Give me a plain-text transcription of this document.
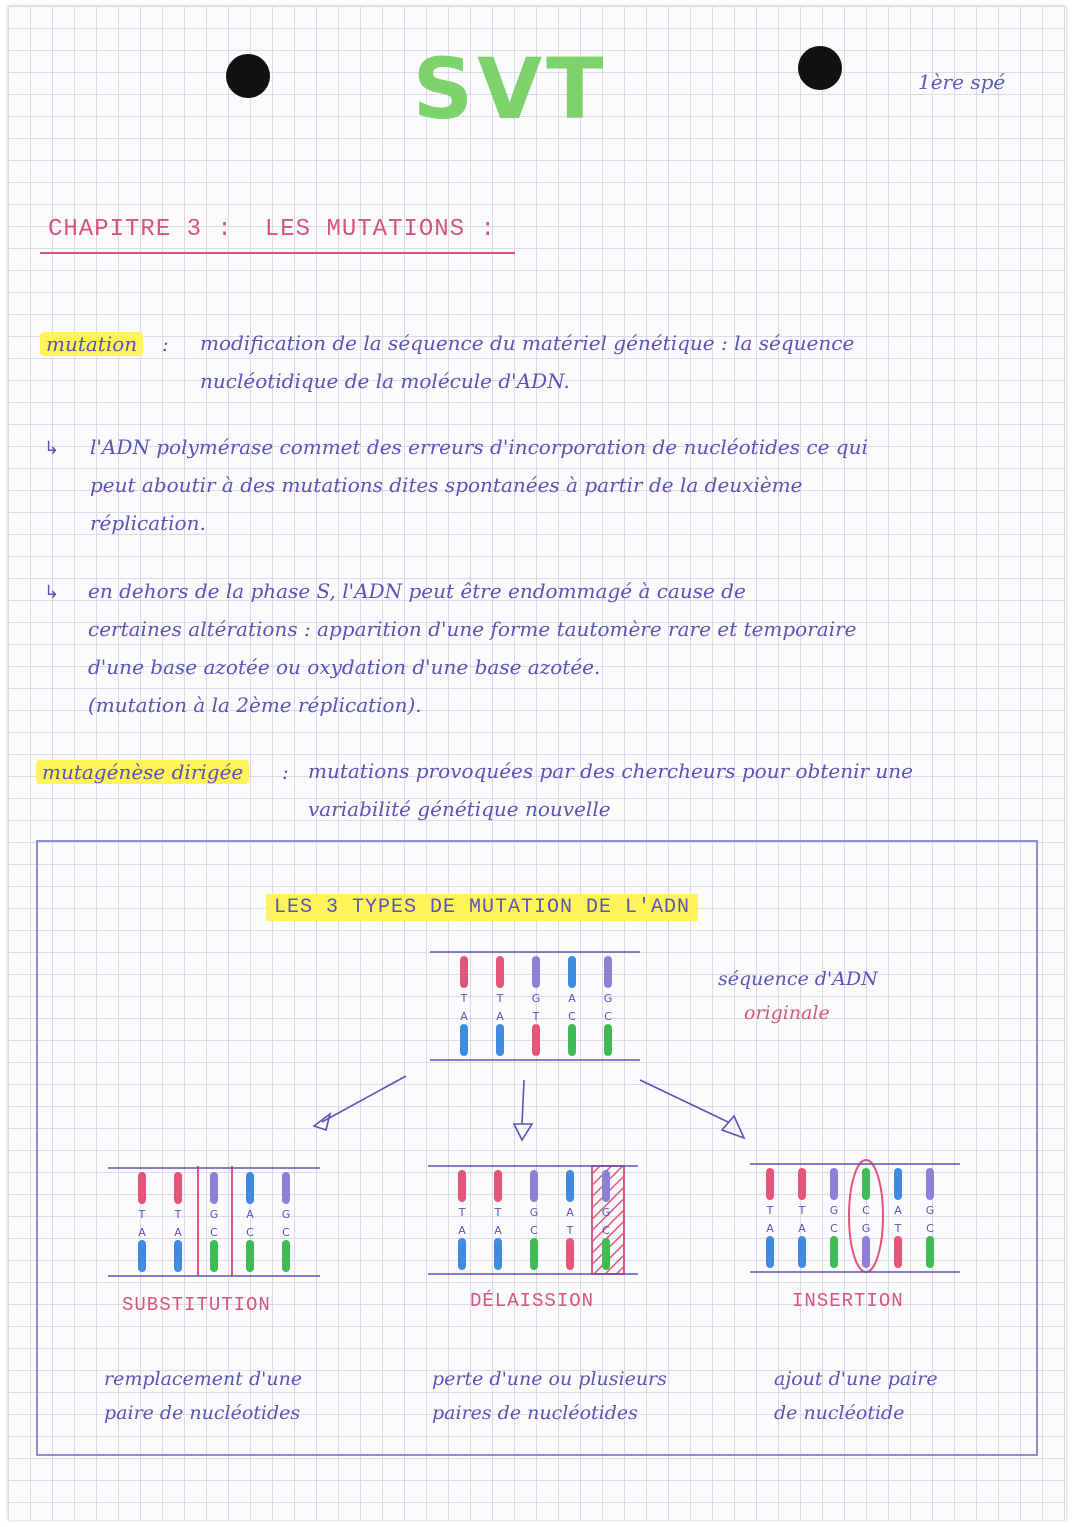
SVT	1ère spé
CHAPITRE 3 : LES MUTATIONS :
mutation	: modification de la séquence du matériel génétique : la séquence
nucléotidique de la molécule d'ADN.
↳ l'ADN polymérase commet des erreurs d'incorporation de nucléotides ce qui
peut aboutir à des mutations dites spontanées à partir de la deuxième
réplication.
↳ en dehors de la phase S, l'ADN peut être endommagé à cause de
certaines altérations : apparition d'une forme tautomère rare et temporaire
d'une base azotée ou oxydation d'une base azotée.
(mutation à la 2ème réplication).
mutagénèse dirigée	: mutations provoquées par des chercheurs pour obtenir une
variabilité génétique nouvelle
LES 3 TYPES DE MUTATION DE L'ADN
séquence d'ADN
originale
SUBSTITUTION	DÉLAISSION	INSERTION
remplacement d'une
paire de nucléotides
perte d'une ou plusieurs
paires de nucléotides
ajout d'une paire
de nucléotide
T	T	G	A	G
A	A	T	C	C
T	T	G	A	G
A	A	C	C	C
T	T	G	A	G
A	A	C	T	C
T T G C A G
A A C G T C
